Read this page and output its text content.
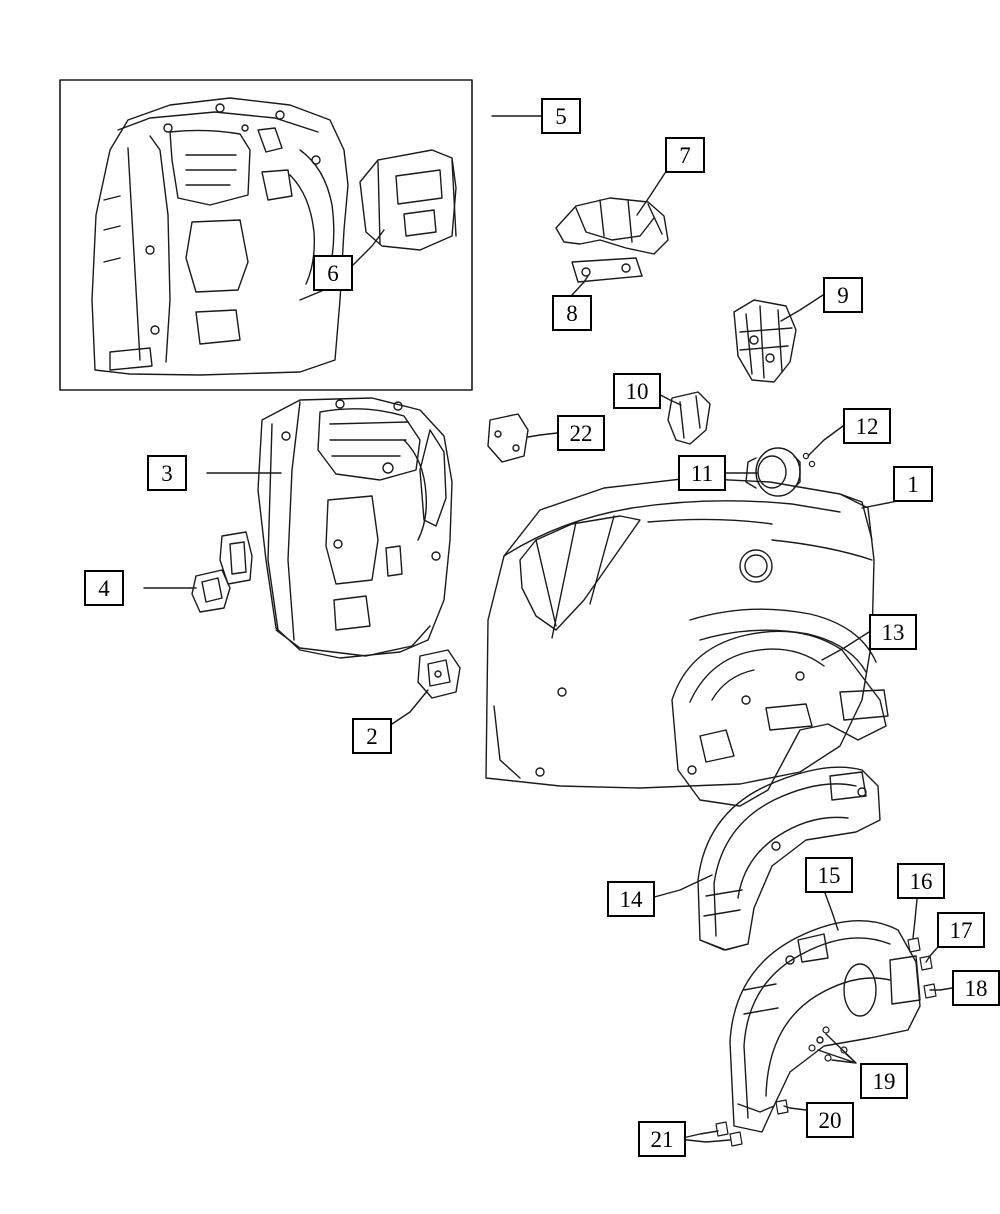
1
2
3
4
5
6
7
8
9
10
11
12
13
14
15	16
17
18
19
20
21
22
